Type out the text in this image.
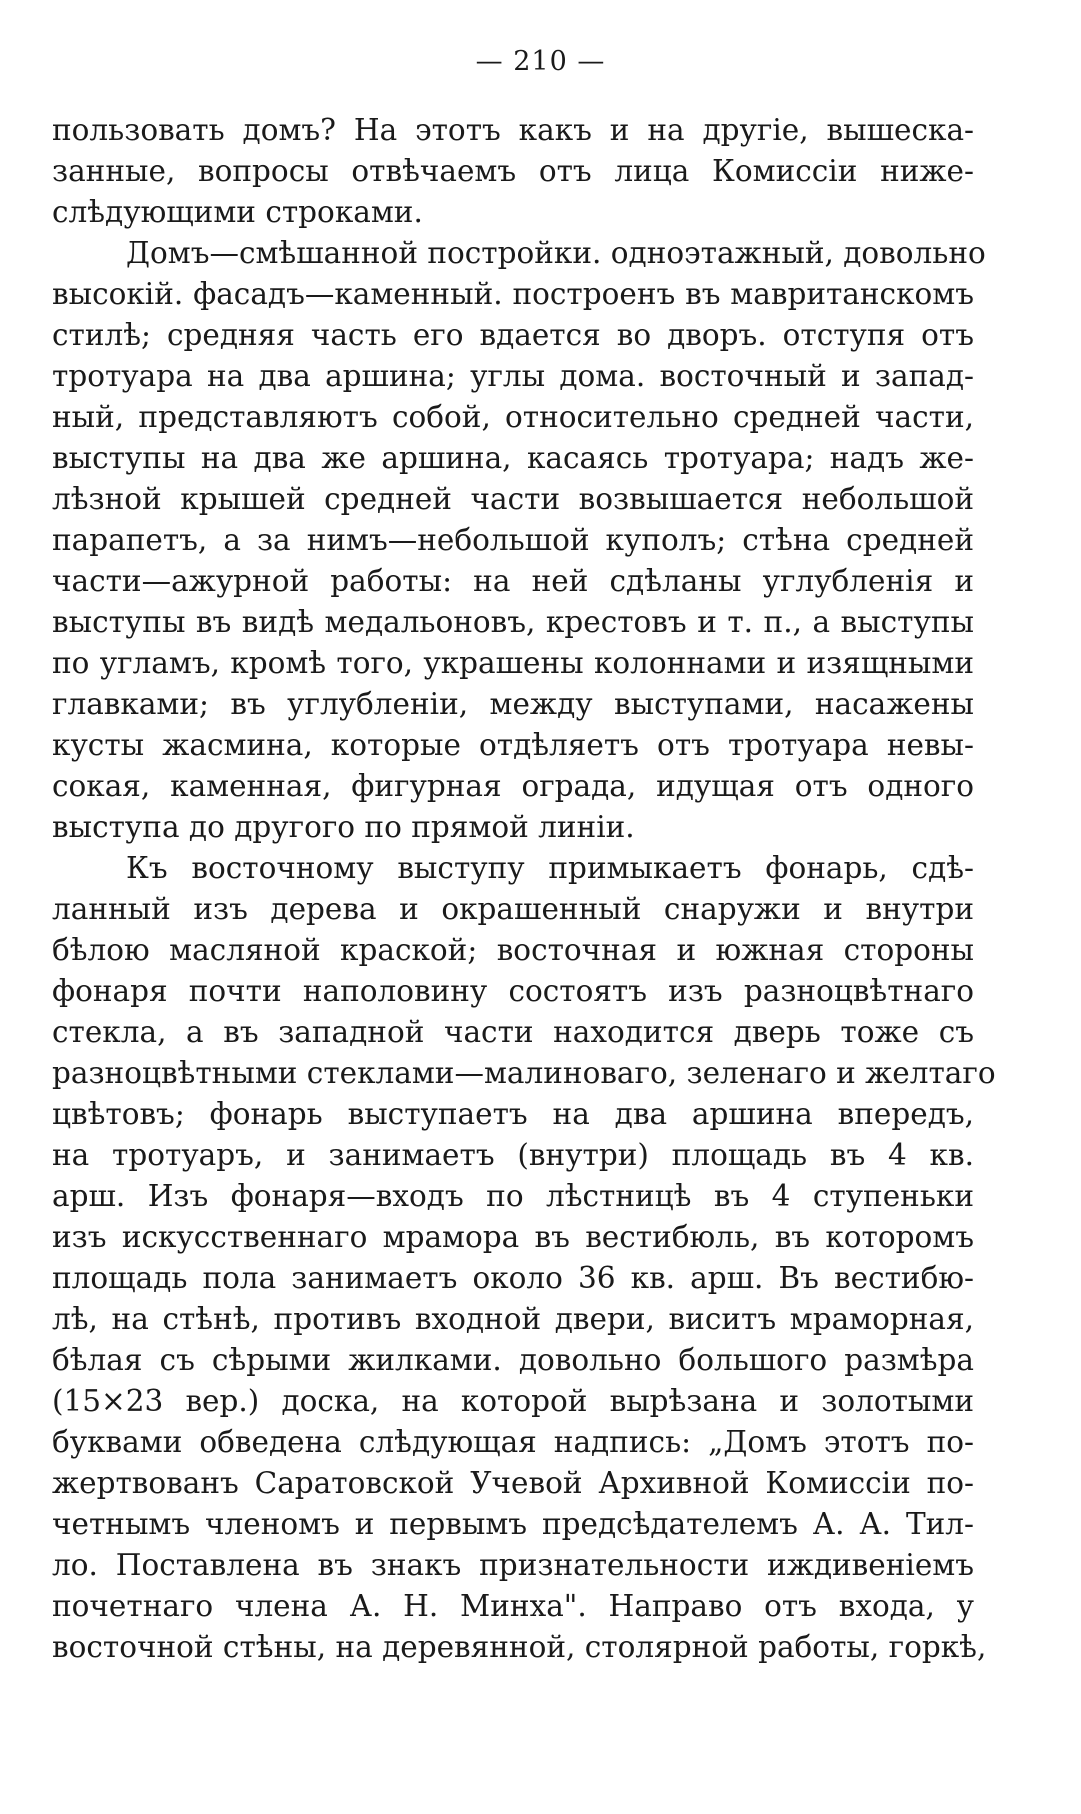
— 210 —
пользовать домъ? На этотъ какъ и на другіе, вышеска-
занные, вопросы отвѣчаемъ отъ лица Комиссіи ниже-
слѣдующими строками.
Домъ—смѣшанной постройки. одноэтажный, довольно
высокій. фасадъ—каменный. построенъ въ мавританскомъ
стилѣ; средняя часть его вдается во дворъ. отступя отъ
тротуара на два аршина; углы дома. восточный и запад-
ный, представляютъ собой, относительно средней части,
выступы на два же аршина, касаясь тротуара; надъ же-
лѣзной крышей средней части возвышается небольшой
парапетъ, а за нимъ—небольшой куполъ; стѣна средней
части—ажурной работы: на ней сдѣланы углубленія и
выступы въ видѣ медальоновъ, крестовъ и т. п., а выступы
по угламъ, кромѣ того, украшены колоннами и изящными
главками; въ углубленіи, между выступами, насажены
кусты жасмина, которые отдѣляетъ отъ тротуара невы-
сокая, каменная, фигурная ограда, идущая отъ одного
выступа до другого по прямой линіи.
Къ восточному выступу примыкаетъ фонарь, сдѣ-
ланный изъ дерева и окрашенный снаружи и внутри
бѣлою масляной краской; восточная и южная стороны
фонаря почти наполовину состоятъ изъ разноцвѣтнаго
стекла, а въ западной части находится дверь тоже съ
разноцвѣтными стеклами—малиноваго, зеленаго и желтаго
цвѣтовъ; фонарь выступаетъ на два аршина впередъ,
на тротуаръ, и занимаетъ (внутри) площадь въ 4 кв.
арш. Изъ фонаря—входъ по лѣстницѣ въ 4 ступеньки
изъ искусственнаго мрамора въ вестибюль, въ которомъ
площадь пола занимаетъ около 36 кв. арш. Въ вестибю-
лѣ, на стѣнѣ, противъ входной двери, виситъ мраморная,
бѣлая съ сѣрыми жилками. довольно большого размѣра
(15×23 вер.) доска, на которой вырѣзана и золотыми
буквами обведена слѣдующая надпись: „Домъ этотъ по-
жертвованъ Саратовской Учевой Архивной Комиссіи по-
четнымъ членомъ и первымъ предсѣдателемъ А. А. Тил-
ло. Поставлена въ знакъ признательности иждивеніемъ
почетнаго члена А. Н. Минха". Направо отъ входа, у
восточной стѣны, на деревянной, столярной работы, горкѣ,
